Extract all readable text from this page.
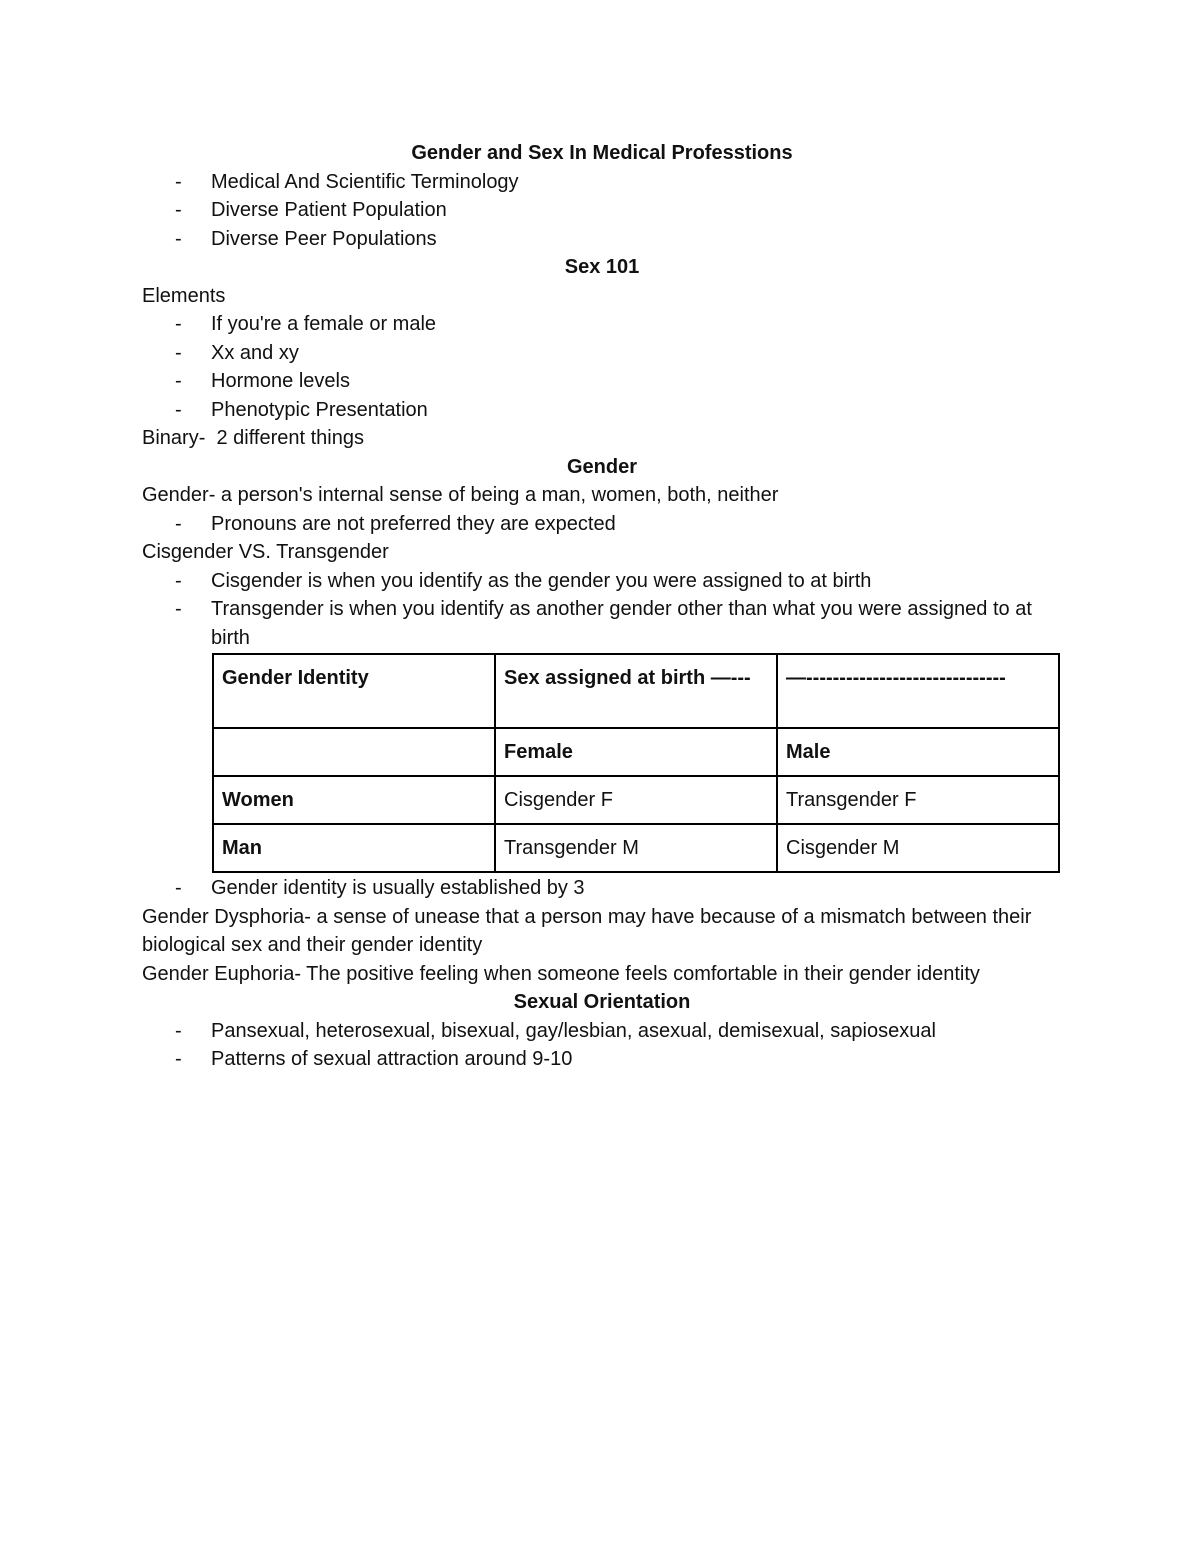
Gender and Sex In Medical Professtions
- Medical And Scientific Terminology
- Diverse Patient Population
- Diverse Peer Populations
Sex 101
Elements
- If you're a female or male
- Xx and xy
- Hormone levels
- Phenotypic Presentation
Binary-  2 different things
Gender
Gender- a person's internal sense of being a man, women, both, neither
- Pronouns are not preferred they are expected
Cisgender VS. Transgender
- Cisgender is when you identify as the gender you were assigned to at birth
- Transgender is when you identify as another gender other than what you were assigned to at birth
Gender Identity	Sex assigned at birth —---	—------------------------------
	Female	Male
Women	Cisgender F	Transgender F
Man	Transgender M	Cisgender M
- Gender identity is usually established by 3
Gender Dysphoria- a sense of unease that a person may have because of a mismatch between their biological sex and their gender identity
Gender Euphoria- The positive feeling when someone feels comfortable in their gender identity
Sexual Orientation
- Pansexual, heterosexual, bisexual, gay/lesbian, asexual, demisexual, sapiosexual
- Patterns of sexual attraction around 9-10
